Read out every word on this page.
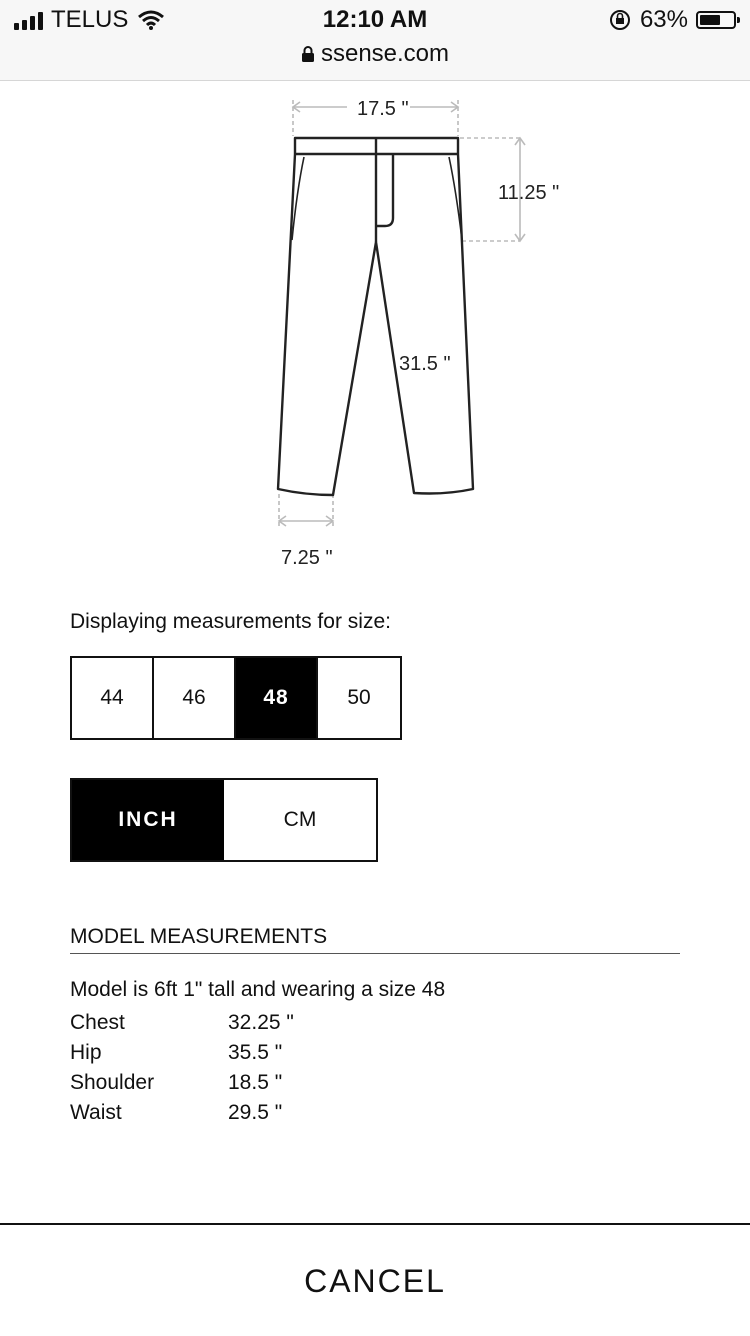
TELUS	12:10 AM	63%
ssense.com
17.5 "
11.25 "
31.5 "
7.25 "
Displaying measurements for size:
44	46	48	50
INCH	CM
MODEL MEASUREMENTS
Model is 6ft 1" tall and wearing a size 48
Chest	32.25 "
Hip	35.5 "
Shoulder	18.5 "
Waist	29.5 "
CANCEL
